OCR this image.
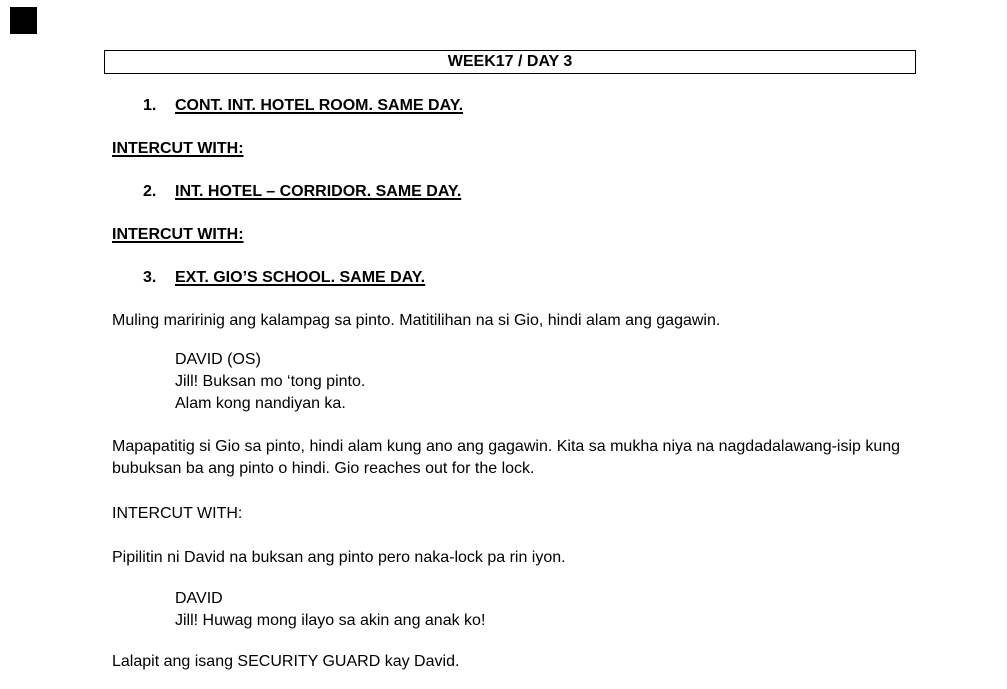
WEEK17 / DAY 3
1.	CONT. INT. HOTEL ROOM. SAME DAY.
INTERCUT WITH:
2.	INT. HOTEL – CORRIDOR. SAME DAY.
INTERCUT WITH:
3.	EXT. GIO’S SCHOOL. SAME DAY.
Muling maririnig ang kalampag sa pinto. Matitilihan na si Gio, hindi alam ang gagawin.
DAVID (OS)
Jill! Buksan mo ‘tong pinto.
Alam kong nandiyan ka.
Mapapatitig si Gio sa pinto, hindi alam kung ano ang gagawin. Kita sa mukha niya na nagdadalawang-isip kung bubuksan ba ang pinto o hindi. Gio reaches out for the lock.
INTERCUT WITH:
Pipilitin ni David na buksan ang pinto pero naka-lock pa rin iyon.
DAVID
Jill! Huwag mong ilayo sa akin ang anak ko!
Lalapit ang isang SECURITY GUARD kay David.
